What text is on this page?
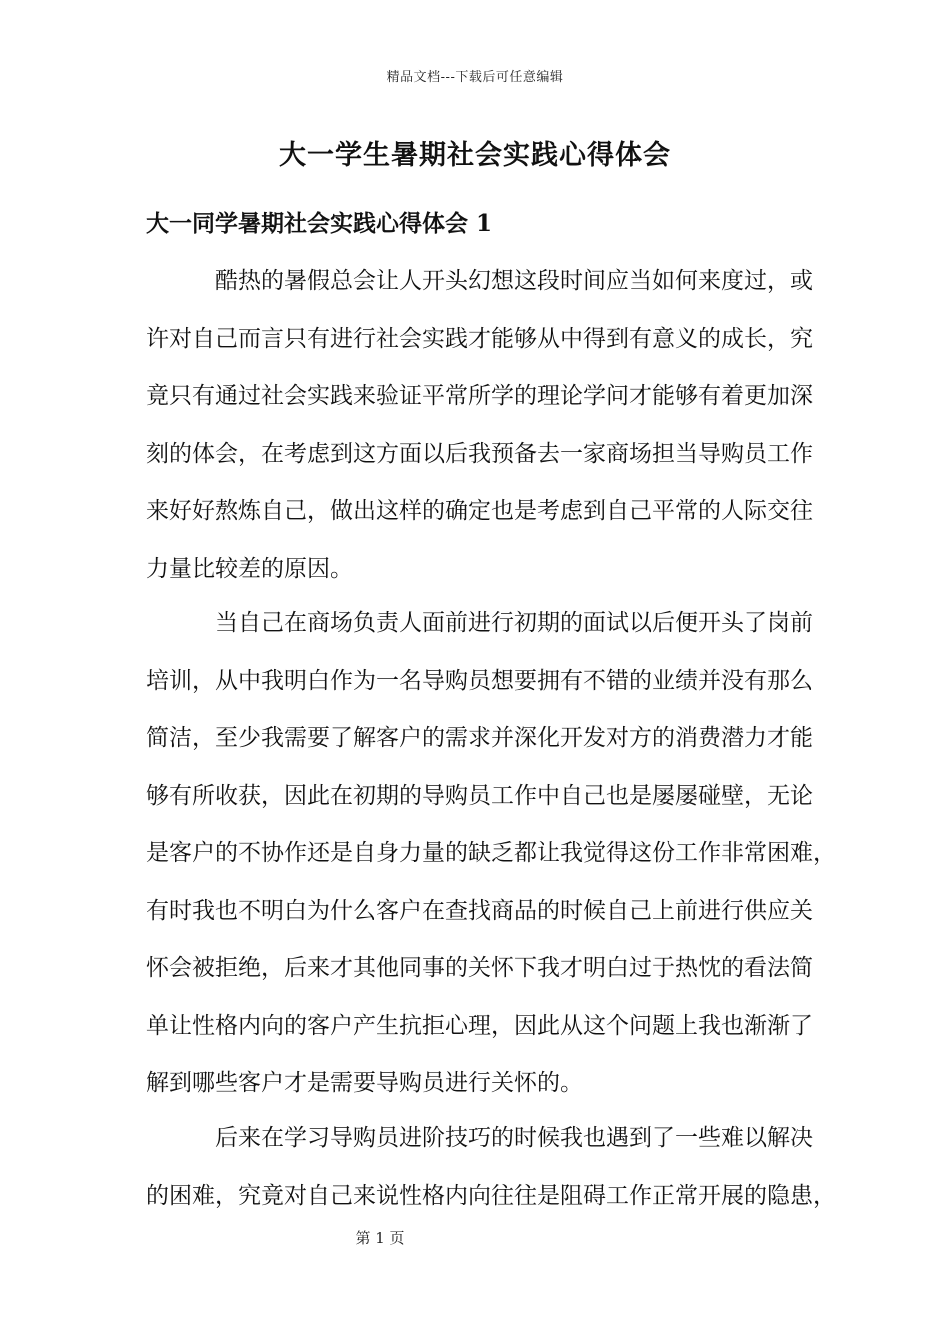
精品文档---下载后可任意编辑
大一学生暑期社会实践心得体会
大一同学暑期社会实践心得体会 1
酷热的暑假总会让人开头幻想这段时间应当如何来度过，或
许对自己而言只有进行社会实践才能够从中得到有意义的成长，究
竟只有通过社会实践来验证平常所学的理论学问才能够有着更加深
刻的体会，在考虑到这方面以后我预备去一家商场担当导购员工作
来好好熬炼自己，做出这样的确定也是考虑到自己平常的人际交往
力量比较差的原因。
当自己在商场负责人面前进行初期的面试以后便开头了岗前
培训，从中我明白作为一名导购员想要拥有不错的业绩并没有那么
简洁，至少我需要了解客户的需求并深化开发对方的消费潜力才能
够有所收获，因此在初期的导购员工作中自己也是屡屡碰壁，无论
是客户的不协作还是自身力量的缺乏都让我觉得这份工作非常困难，
有时我也不明白为什么客户在查找商品的时候自己上前进行供应关
怀会被拒绝，后来才其他同事的关怀下我才明白过于热忱的看法简
单让性格内向的客户产生抗拒心理，因此从这个问题上我也渐渐了
解到哪些客户才是需要导购员进行关怀的。
后来在学习导购员进阶技巧的时候我也遇到了一些难以解决
的困难，究竟对自己来说性格内向往往是阻碍工作正常开展的隐患，
第 1 页
